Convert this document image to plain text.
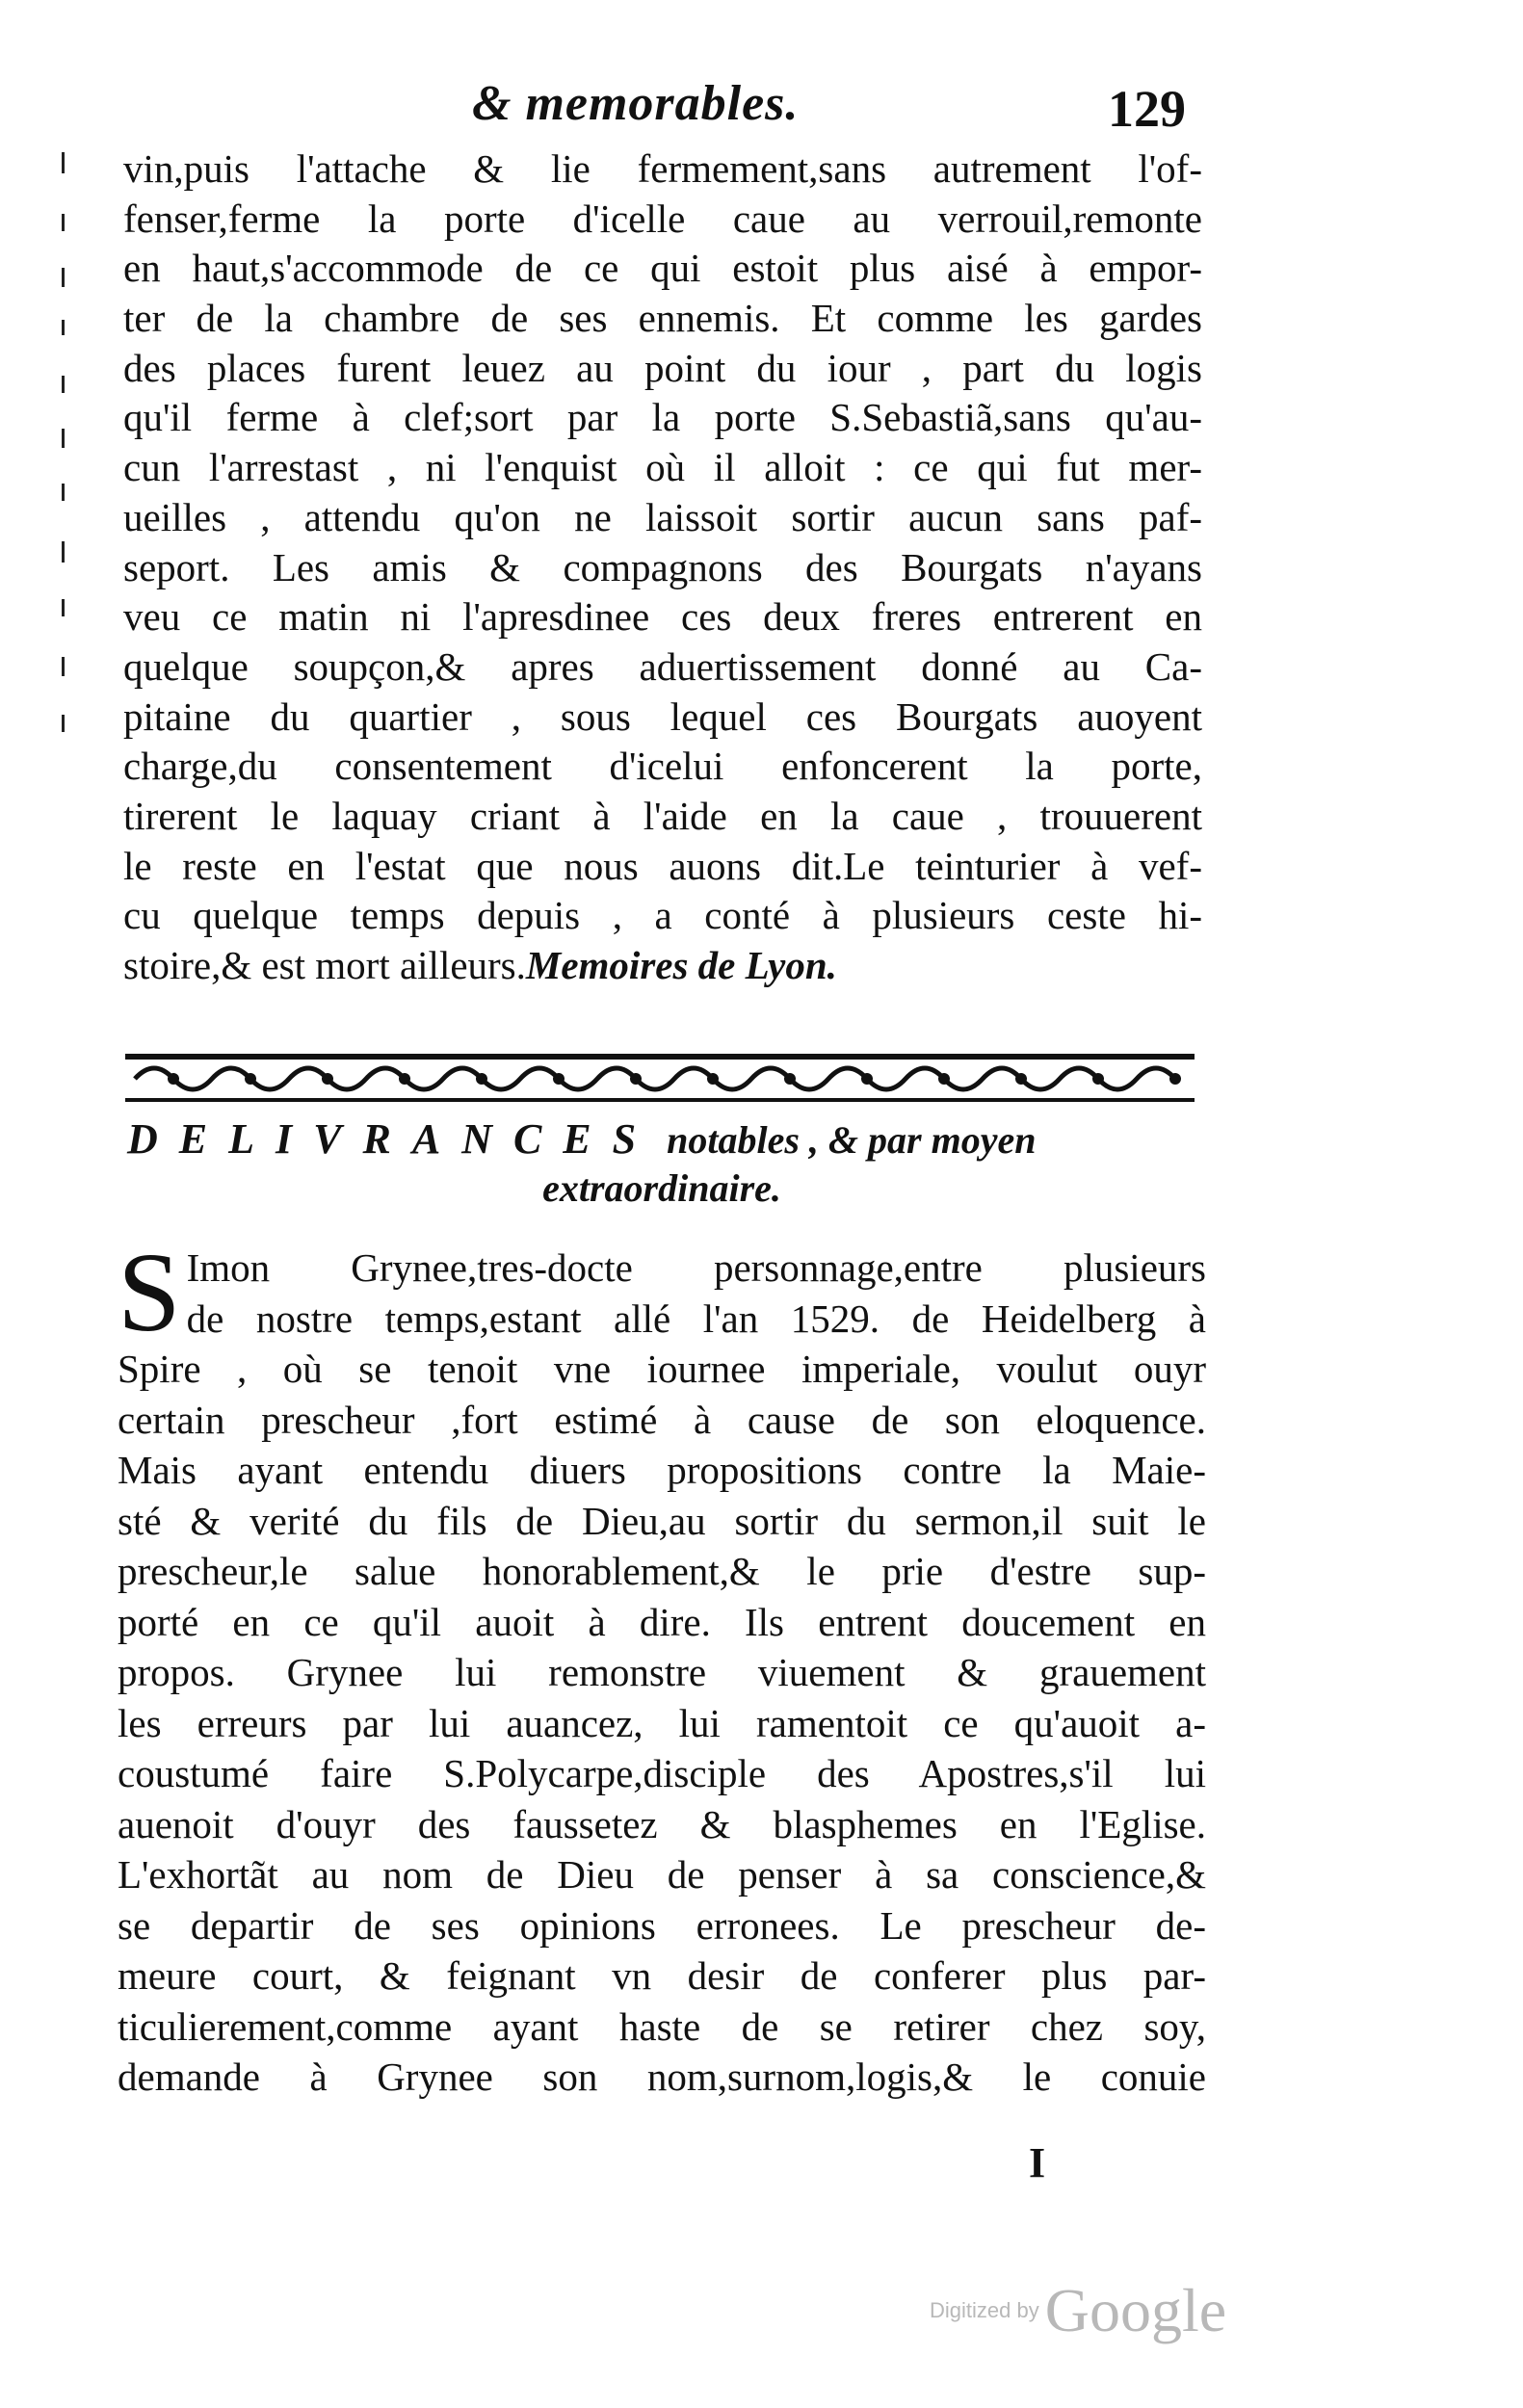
& memorables.	129
vin,puis l'attache & lie fermement,sans autrement l'of-
fenser,ferme la porte d'icelle caue au verrouil,remonte
en haut,s'accommode de ce qui estoit plus aisé à empor-
ter de la chambre de ses ennemis. Et comme les gardes
des places furent leuez au point du iour , part du logis
qu'il ferme à clef;sort par la porte S.Sebastiã,sans qu'au-
cun l'arrestast , ni l'enquist où il alloit : ce qui fut mer-
ueilles , attendu qu'on ne laissoit sortir aucun sans paf-
seport. Les amis & compagnons des Bourgats n'ayans
veu ce matin ni l'apresdinee ces deux freres entrerent en
quelque soupçon,& apres aduertissement donné au Ca-
pitaine du quartier , sous lequel ces Bourgats auoyent
charge,du consentement d'icelui enfoncerent la porte,
tirerent le laquay criant à l'aide en la caue , trouuerent
le reste en l'estat que nous auons dit.Le teinturier à vef-
cu quelque temps depuis , a conté à plusieurs ceste hi-
stoire,& est mort ailleurs.Memoires de Lyon.
DELIVRANCES notables , & par moyen
extraordinaire.
S Imon Grynee,tres-docte personnage,entre plusieurs
de nostre temps,estant allé l'an 1529. de Heidelberg à
Spire , où se tenoit vne iournee imperiale, voulut ouyr
certain prescheur ,fort estimé à cause de son eloquence.
Mais ayant entendu diuers propositions contre la Maie-
sté & verité du fils de Dieu,au sortir du sermon,il suit le
prescheur,le salue honorablement,& le prie d'estre sup-
porté en ce qu'il auoit à dire. Ils entrent doucement en
propos. Grynee lui remonstre viuement & grauement
les erreurs par lui auancez, lui ramentoit ce qu'auoit a-
coustumé faire S.Polycarpe,disciple des Apostres,s'il lui
auenoit d'ouyr des faussetez & blasphemes en l'Eglise.
L'exhortãt au nom de Dieu de penser à sa conscience,&
se departir de ses opinions erronees. Le prescheur de-
meure court, & feignant vn desir de conferer plus par-
ticulierement,comme ayant haste de se retirer chez soy,
demande à Grynee son nom,surnom,logis,& le conuie
I
Digitized byGoogle
